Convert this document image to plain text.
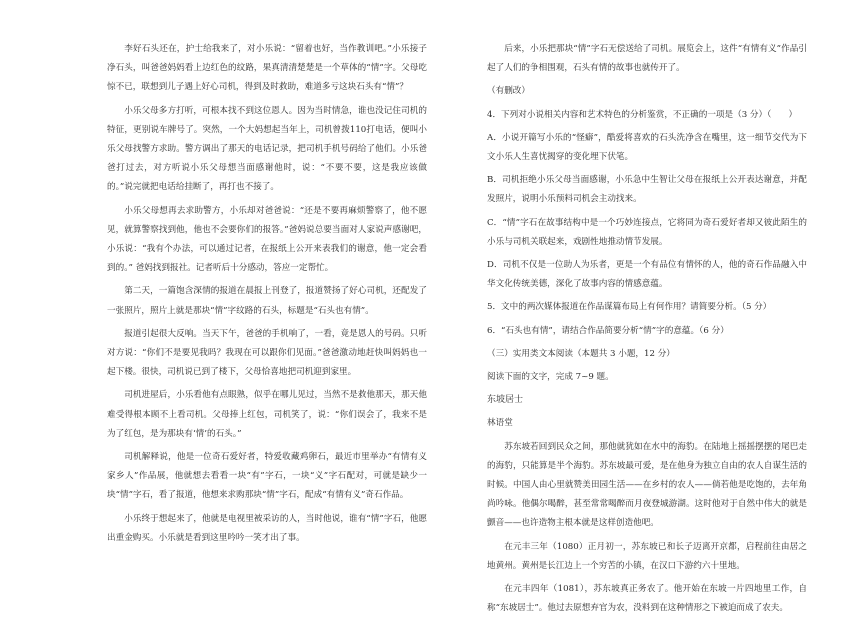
李好石头还在，护士给我来了，对小乐说：“留着也好，当作教训吧。”小乐接子净石头，叫爸爸妈妈看上边红色的纹路，果真清清楚楚是一个草体的“情”字。父母吃惊不已，联想到儿子遇上好心司机，得到及时救助，难道多亏这块石头有“情”？

小乐父母多方打听，可根本找不到这位恩人。因为当时情急，谁也没记住司机的特征，更别说车牌号了。突然，一个大妈想起当年上，司机曾拨110打电话，便叫小乐父母找警方求助。警方调出了那天的电话记录，把司机手机号码给了他们。小乐爸爸打过去，对方听说小乐父母想当面感谢他时，说：“不要不要，这是我应该做的。”说完就把电话给挂断了，再打也不接了。

小乐父母想再去求助警方，小乐却对爸爸说：“还是不要再麻烦警察了，他不愿见，就算警察找到他，他也不会要你们的报答。”爸妈说总要当面对人家说声感谢吧，小乐说：“我有个办法，可以通过记者，在报纸上公开来表我们的谢意，他一定会看到的。” 爸妈找到报社。记者听后十分感动，答应一定帮忙。

第二天，一篇饱含深情的报道在晨报上刊登了，报道赞扬了好心司机，还配发了一张照片，照片上就是那块“情”字纹路的石头，标题是“石头也有情”。

报道引起很大反响。当天下午，爸爸的手机响了，一看，竟是恩人的号码。只听对方说：“你们不是要见我吗？我现在可以跟你们见面。”爸爸激动地赶快叫妈妈也一起下楼。很快，司机说已到了楼下，父母恰喜地把司机迎到家里。

司机进屋后，小乐看他有点眼熟，似乎在哪儿见过，当然不是救他那天，那天他难受得根本顾不上看司机。父母捧上红包，司机笑了，说：“你们误会了，我来不是为了红包，是为那块有‘情’的石头。”

司机解释说，他是一位奇石爱好者，特爱收藏鸡卵石，最近市里举办“有情有义家乡人”作品展，他就想去看看一块“有”字石，一块“义”字石配对，可就是缺少一块“情”字石，看了报道，他想来求购那块“情”字石，配成“有情有义”奇石作品。

小乐终于想起来了，他就是电视里被采访的人，当时他说，谁有“情”字石，他愿出重金购买。小乐就是看到这里吟吟一笑才出了事。

后来，小乐把那块“情”字石无偿送给了司机。展览会上，这件“有情有义”作品引起了人们的争相围观，石头有情的故事也就传开了。

（有删改）

4．下列对小说相关内容和艺术特色的分析鉴赏，不正确的一项是（3 分）（　　）

A．小说开篇写小乐的“怪癖”，酷爱将喜欢的石头洗净含在嘴里，这一细节交代为下文小乐人生喜忧揭穿的变化埋下伏笔。

B．司机拒绝小乐父母当面感谢，小乐急中生智让父母在报纸上公开表达谢意，并配发照片，说明小乐预料司机会主动找来。

C．“情”字石在故事结构中是一个巧妙连接点，它将同为奇石爱好者却又彼此陌生的小乐与司机关联起来，戏剧性地推动情节发展。

D．司机不仅是一位助人为乐者，更是一个有品位有情怀的人，他的奇石作品融入中华文化传统美德，深化了故事内容的情感意蕴。

5．文中的两次媒体报道在作品谋篇布局上有何作用？请简要分析。（5 分）

6．“石头也有情”，请结合作品简要分析“情”字的意蕴。（6 分）

（三）实用类文本阅读（本题共 3 小题，12 分）

阅读下面的文字，完成 7~9 题。

东坡居士

林语堂

苏东坡若回到民众之间，那他就犹如在水中的海豹。在陆地上摇摇摆摆的尾巴走的海豹，只能算是半个海豹。苏东坡最可爱，是在他身为独立自由的农人自谋生活的时候。中国人由心里就赞美田园生活——在乡村的农人——倘若他是吃饱的，去年角尚吟咏。他偶尔喝醉，甚至常常喝醉而月夜登城游湖。这时他对于自然中伟大的就是颤音——也许造物主根本就是这样创造他吧。

在元丰三年（1080）正月初一，苏东坡已和长子迈离开京都，启程前往由居之地黄州。黄州是长江边上一个穷苦的小镇，在汉口下游约六十里地。

在元丰四年（1081），苏东坡真正务农了。他开始在东坡一片四地里工作，自称“东坡居士”。他过去原想弃官为农，没料到在这种情形之下被迫而成了农夫。
